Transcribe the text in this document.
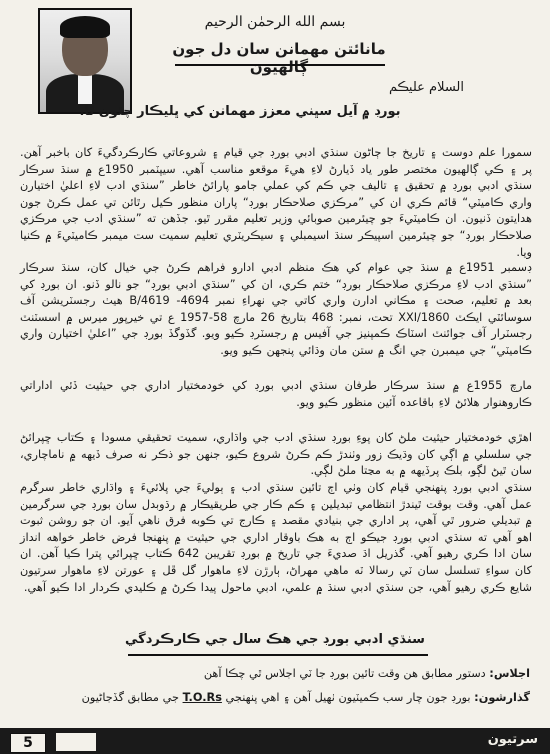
بسم الله الرحمٰن الرحيم
مانائتن مهمانن سان دل جون ڳالهيون
السلام عليڪم
بورڊ ۾ آيل سڀني معزز مهمانن کي ڀليڪار چئون ٿا.

سمورا علم دوست ۽ تاريخ جا ڄاڻون سنڌي ادبي بورڊ جي قيام ۽ شروعاتي ڪارڪردگيءَ کان باخبر آهن. پر ۽ ڪي ڳالهيون مختصر طور ياد ڏيارڻ لاءِ هيءَ موقعو مناسب آهي. سيپٽمبر 1950ع ۾ سنڌ سرڪار سنڌي ادبي بورڊ ۾ تحقيق ۽ تاليف جي ڪم کي عملي جامو پارائڻ خاطر ”سنڌي ادب لاءِ اعليٰ اختيارن واري ڪاميٽي“ قائم ڪري ان کي ”مرڪزي صلاحڪار بورڊ“ پاران منظور ڪيل رٿائن تي عمل ڪرڻ جون هدايتون ڏنيون. ان ڪاميٽيءَ جو چيئرمين صوبائي وزير تعليم مقرر ٿيو. جڏهن ته ”سنڌي ادب جي مرڪزي صلاحڪار بورڊ“ جو چيئرمين اسپيڪر سنڌ اسيمبلي ۽ سيڪريٽري تعليم سميت ست ميمبر ڪاميٽيءَ ۾ ڪنيا ويا.

ڊسمبر 1951ع ۾ سنڌ جي عوام کي هڪ منظم ادبي ادارو فراهم ڪرڻ جي خيال کان، سنڌ سرڪار ”سنڌي ادب لاءِ مرڪزي صلاحڪار بورڊ“ ختم ڪري، ان کي ”سنڌي ادبي بورڊ“ جو نالو ڏنو. ان بورڊ کي بعد ۾ تعليم، صحت ۽ مڪاني ادارن واري کاتي جي نهراءِ نمبر 4694- B/4619 هيٺ رجسٽريشن آف سوسائٽي ايڪٽ XXI/1860 تحت، نمبر: 468 بتاريخ 26 مارچ 58-1957 ع تي خيرپور ميرس ۾ اسسٽنٽ رجسٽرار آف جوائنٽ اسٽاڪ ڪمپنيز جي آفيس ۾ رجسٽرڊ ڪيو ويو. گڏوگڏ بورڊ جي ”اعليٰ اختيارن واري ڪاميٽي“ جي ميمبرن جي انگ ۾ ستن مان وڌائي پنجهن ڪيو ويو.

مارچ 1955ع ۾ سنڌ سرڪار طرفان سنڌي ادبي بورڊ کي خودمختيار اداري جي حيثيت ڏئي اداراتي ڪاروهنوار هلائڻ لاءِ باقاعده آئين منظور ڪيو ويو.

اهڙي خودمختيار حيثيت ملڻ کان پوءِ بورڊ سنڌي ادب جي واڌاري، سميت تحقيقي مسودا ۽ ڪتاب ڇپرائڻ جي سلسلي ۾ اڳي کان وڌيڪ زور وٺندڙ ڪم ڪرڻ شروع ڪيو، جنهن جو ذڪر نه صرف ڏيهه ۾ ناماچاري، سان ٿيڻ لڳو، بلڪ پرڏيهه ۾ به مڃتا ملڻ لڳي.

سنڌي ادبي بورڊ پنهنجي قيام کان وٺي اڄ تائين سنڌي ادب ۽ ٻوليءَ جي پلائيءَ ۽ واڌاري خاطر سرگرم عمل آهي. وقت بوقت ٿيندڙ انتظامي تبديلين ۽ ڪم ڪار جي طريقيڪار ۾ رڌوبدل سان بورڊ جي سرگرمين ۾ تبديلي ضرور ٿي آهي، پر اداري جي بنيادي مقصد ۽ ڪارج تي ڪوبه فرق ناهي آيو. ان جو روشن ثبوت اهو آهي ته سنڌي ادبي بورڊ جيڪو اڄ به هڪ باوقار اداري جي حيثيت ۾ پنهنجا فرض خاطر خواهه انداز سان ادا ڪري رهيو آهي. گذريل اڌ صديءَ جي تاريخ ۾ بورڊ تقريبن 642 ڪتاب ڇپرائي پترا ڪيا آهن. ان کان سواءِ تسلسل سان ٽي رسالا ٽه ماهي مهراڻ، ٻارڙن لاءِ ماهوار گل ڦل ۽ عورتن لاءِ ماهوار سرتيون شايع ڪري رهيو آهي، جن سنڌي ادبي سنڌ ۾ علمي، ادبي ماحول پيدا ڪرڻ ۾ ڪليدي ڪردار ادا ڪيو آهي.

سنڌي ادبي بورڊ جي هڪ سال جي ڪارڪردگي
اجلاس: دستور مطابق هن وقت تائين بورڊ جا ٽي اجلاس ٿي چڪا آهن
گذارشون: بورڊ جون چار سب ڪميٽيون ٺهيل آهن ۽ اهي پنهنجي T.O.Rs جي مطابق گڏجاڻيون
5	سرتيون
